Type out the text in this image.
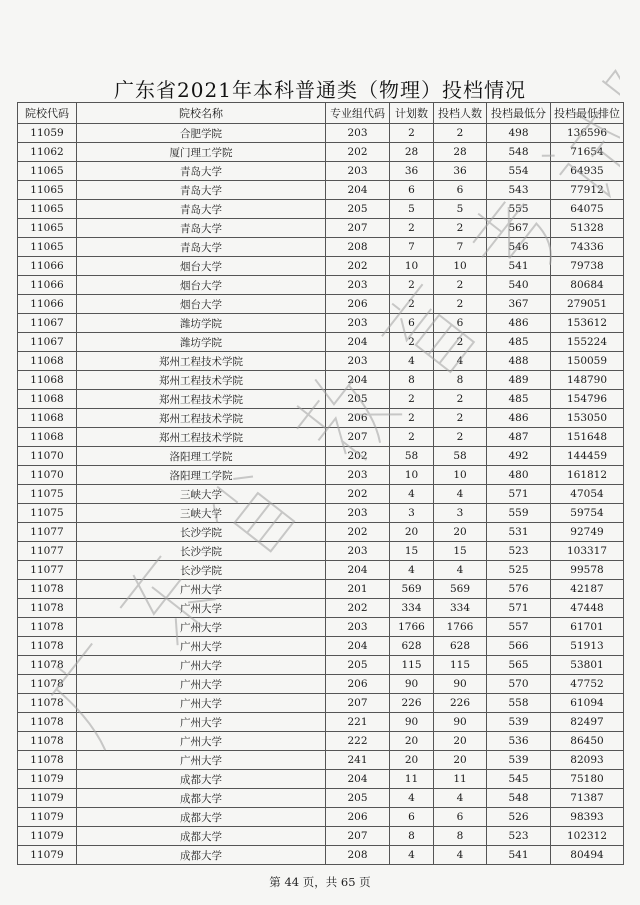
广东省2021年本科普通类（物理）投档情况
院校代码	院校名称	专业组代码	计划数	投档人数	投档最低分	投档最低排位
11059	合肥学院	203	2	2	498	136596
11062	厦门理工学院	202	28	28	548	71654
11065	青岛大学	203	36	36	554	64935
11065	青岛大学	204	6	6	543	77912
11065	青岛大学	205	5	5	555	64075
11065	青岛大学	207	2	2	567	51328
11065	青岛大学	208	7	7	546	74336
11066	烟台大学	202	10	10	541	79738
11066	烟台大学	203	2	2	540	80684
11066	烟台大学	206	2	2	367	279051
11067	潍坊学院	203	6	6	486	153612
11067	潍坊学院	204	2	2	485	155224
11068	郑州工程技术学院	203	4	4	488	150059
11068	郑州工程技术学院	204	8	8	489	148790
11068	郑州工程技术学院	205	2	2	485	154796
11068	郑州工程技术学院	206	2	2	486	153050
11068	郑州工程技术学院	207	2	2	487	151648
11070	洛阳理工学院	202	58	58	492	144459
11070	洛阳理工学院	203	10	10	480	161812
11075	三峡大学	202	4	4	571	47054
11075	三峡大学	203	3	3	559	59754
11077	长沙学院	202	20	20	531	92749
11077	长沙学院	203	15	15	523	103317
11077	长沙学院	204	4	4	525	99578
11078	广州大学	201	569	569	576	42187
11078	广州大学	202	334	334	571	47448
11078	广州大学	203	1766	1766	557	61701
11078	广州大学	204	628	628	566	51913
11078	广州大学	205	115	115	565	53801
11078	广州大学	206	90	90	570	47752
11078	广州大学	207	226	226	558	61094
11078	广州大学	221	90	90	539	82497
11078	广州大学	222	20	20	536	86450
11078	广州大学	241	20	20	539	82093
11079	成都大学	204	11	11	545	75180
11079	成都大学	205	4	4	548	71387
11079	成都大学	206	6	6	526	98393
11079	成都大学	207	8	8	523	102312
11079	成都大学	208	4	4	541	80494
第 44 页，共 65 页
